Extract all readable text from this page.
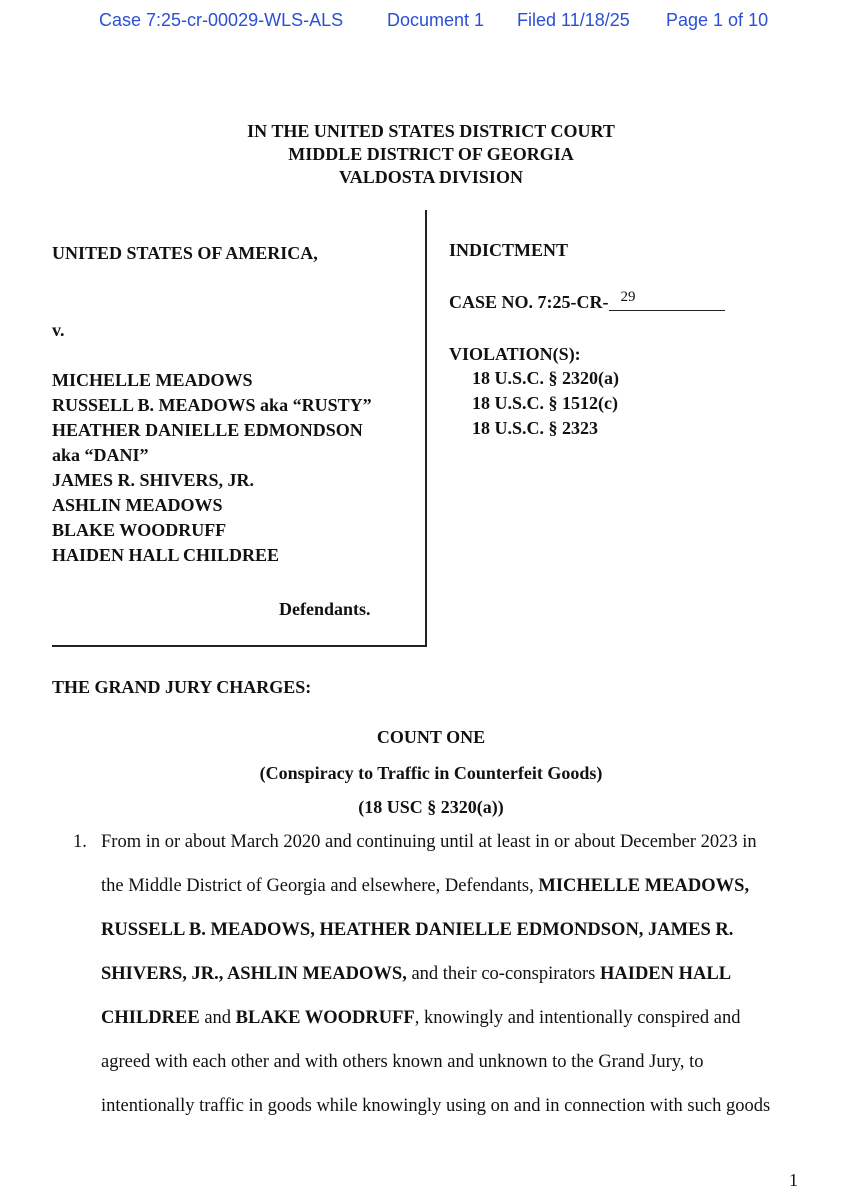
Case 7:25-cr-00029-WLS-ALS Document 1 Filed 11/18/25 Page 1 of 10
IN THE UNITED STATES DISTRICT COURT
MIDDLE DISTRICT OF GEORGIA
VALDOSTA DIVISION
UNITED STATES OF AMERICA,
v.
MICHELLE MEADOWS
RUSSELL B. MEADOWS aka “RUSTY”
HEATHER DANIELLE EDMONDSON
aka “DANI”
JAMES R. SHIVERS, JR.
ASHLIN MEADOWS
BLAKE WOODRUFF
HAIDEN HALL CHILDREE
Defendants.
INDICTMENT
CASE NO. 7:25-CR- 29
VIOLATION(S):
18 U.S.C. § 2320(a)
18 U.S.C. § 1512(c)
18 U.S.C. § 2323
THE GRAND JURY CHARGES:
COUNT ONE
(Conspiracy to Traffic in Counterfeit Goods)
(18 USC § 2320(a))
1. From in or about March 2020 and continuing until at least in or about December 2023 in
the Middle District of Georgia and elsewhere, Defendants, MICHELLE MEADOWS,
RUSSELL B. MEADOWS, HEATHER DANIELLE EDMONDSON, JAMES R.
SHIVERS, JR., ASHLIN MEADOWS, and their co-conspirators HAIDEN HALL
CHILDREE and BLAKE WOODRUFF, knowingly and intentionally conspired and
agreed with each other and with others known and unknown to the Grand Jury, to
intentionally traffic in goods while knowingly using on and in connection with such goods
1
